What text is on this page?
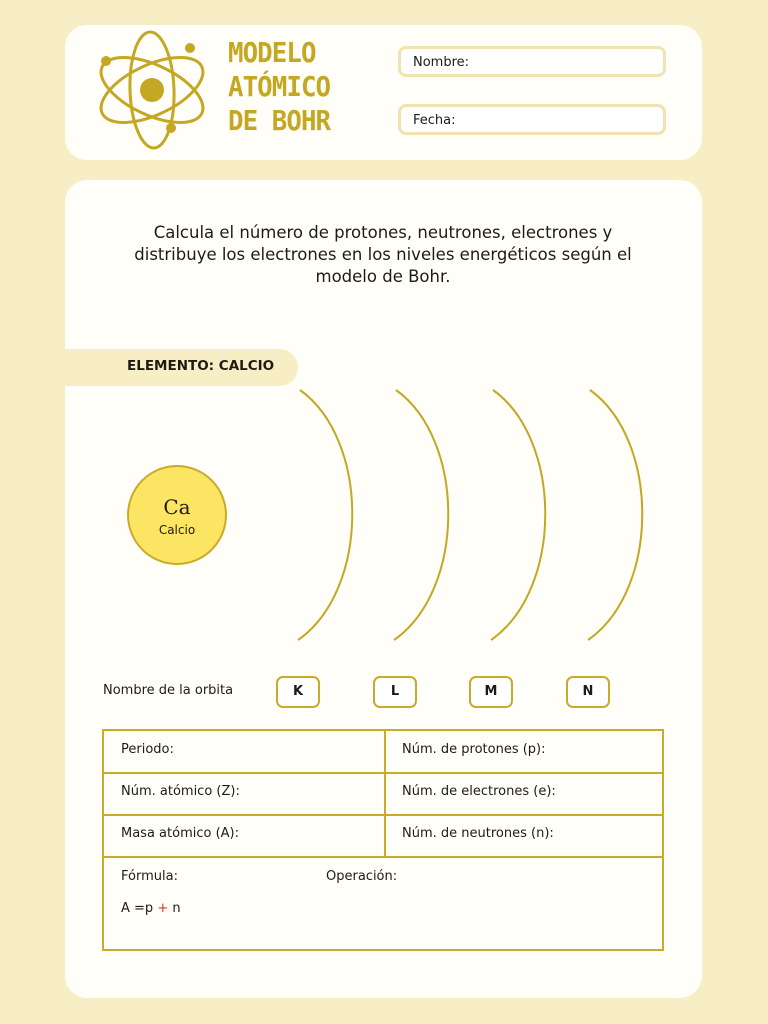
MODELO
ATÓMICO
DE BOHR
Nombre:
Fecha:
Calcula el número de protones, neutrones, electrones y distribuye los electrones en los niveles energéticos según el modelo de Bohr.
ELEMENTO: CALCIO
Ca
Calcio
Nombre de la orbita	K	L	M	N
Periodo:	Núm. de protones (p):
Núm. atómico (Z):	Núm. de electrones (e):
Masa atómico (A):	Núm. de neutrones (n):
Fórmula:	Operación:
A =p + n
